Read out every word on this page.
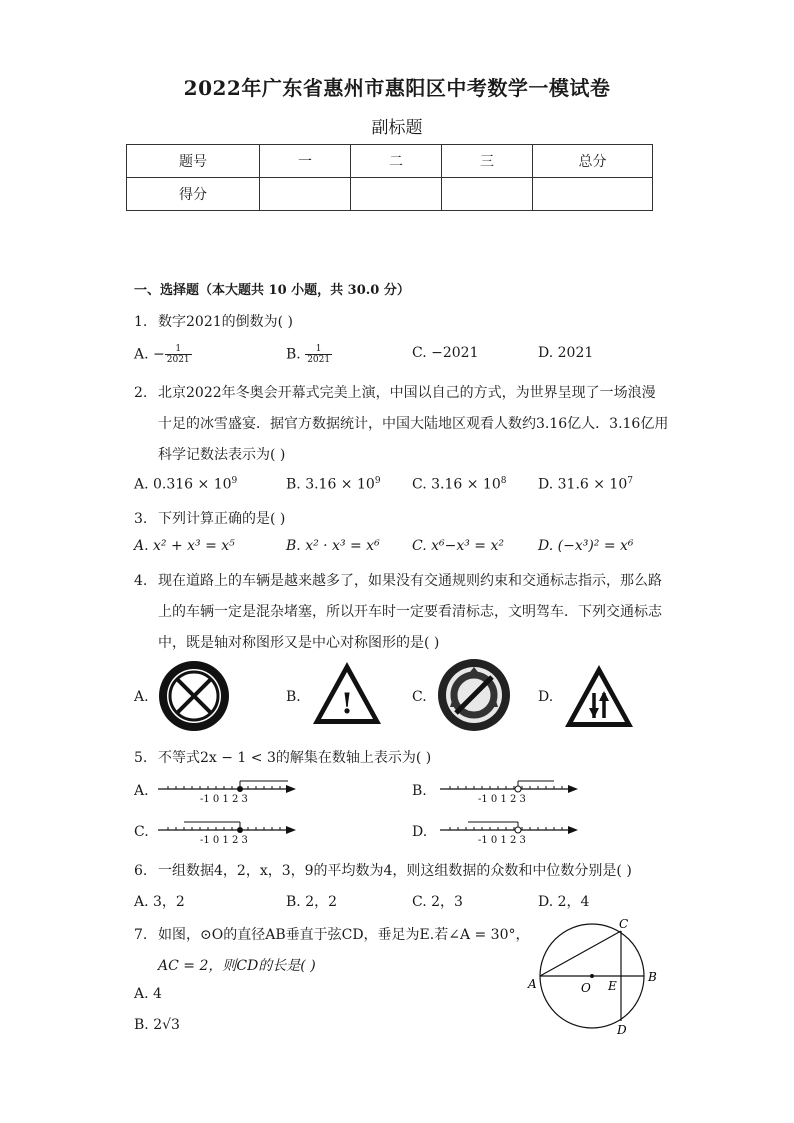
2022年广东省惠州市惠阳区中考数学一模试卷
副标题
题号	一	二	三	总分
得分				
一、选择题（本大题共 10 小题，共 30.0 分）
1. 数字2021的倒数为( )
A. − $\frac{1}{2021}$	B. $\frac{1}{2021}$	C. −2021	D. 2021
2. 北京2022年冬奥会开幕式完美上演，中国以自己的方式，为世界呈现了一场浪漫
十足的冰雪盛宴．据官方数据统计，中国大陆地区观看人数约3.16亿人．3.16亿用
科学记数法表示为( )
A. $0.316 \times 10^9$	B. $3.16 \times 10^9$ C. $3.16 \times 10^8$ D. $31.6 \times 10^7$
3. 下列计算正确的是( )
A. x² + x³ = x⁵	B. x² · x³ = x⁶ C. x⁶−x³ = x² D. (−x³)² = x⁶
4. 现在道路上的车辆是越来越多了，如果没有交通规则约束和交通标志指示，那么路
上的车辆一定是混杂堵塞，所以开车时一定要看清标志，文明驾车．下列交通标志
中，既是轴对称图形又是中心对称图形的是( )
A.	B. !	C.	D.
5. 不等式2x − 1 < 3的解集在数轴上表示为( )
A.
-1 0 1 2 3
B.
-1 0 1 2 3
C.
-1 0 1 2 3
D.
-1 0 1 2 3
6. 一组数据4，2，x，3，9的平均数为4，则这组数据的众数和中位数分别是( )
A. 3，2	B. 2，2	C. 2，3	D. 2，4
7. 如图，⊙O的直径AB垂直于弦CD，垂足为E.若∠A = 30°，
AC = 2，则CD的长是( )
A. 4
B. 2√3
A	B
C
D
O E
